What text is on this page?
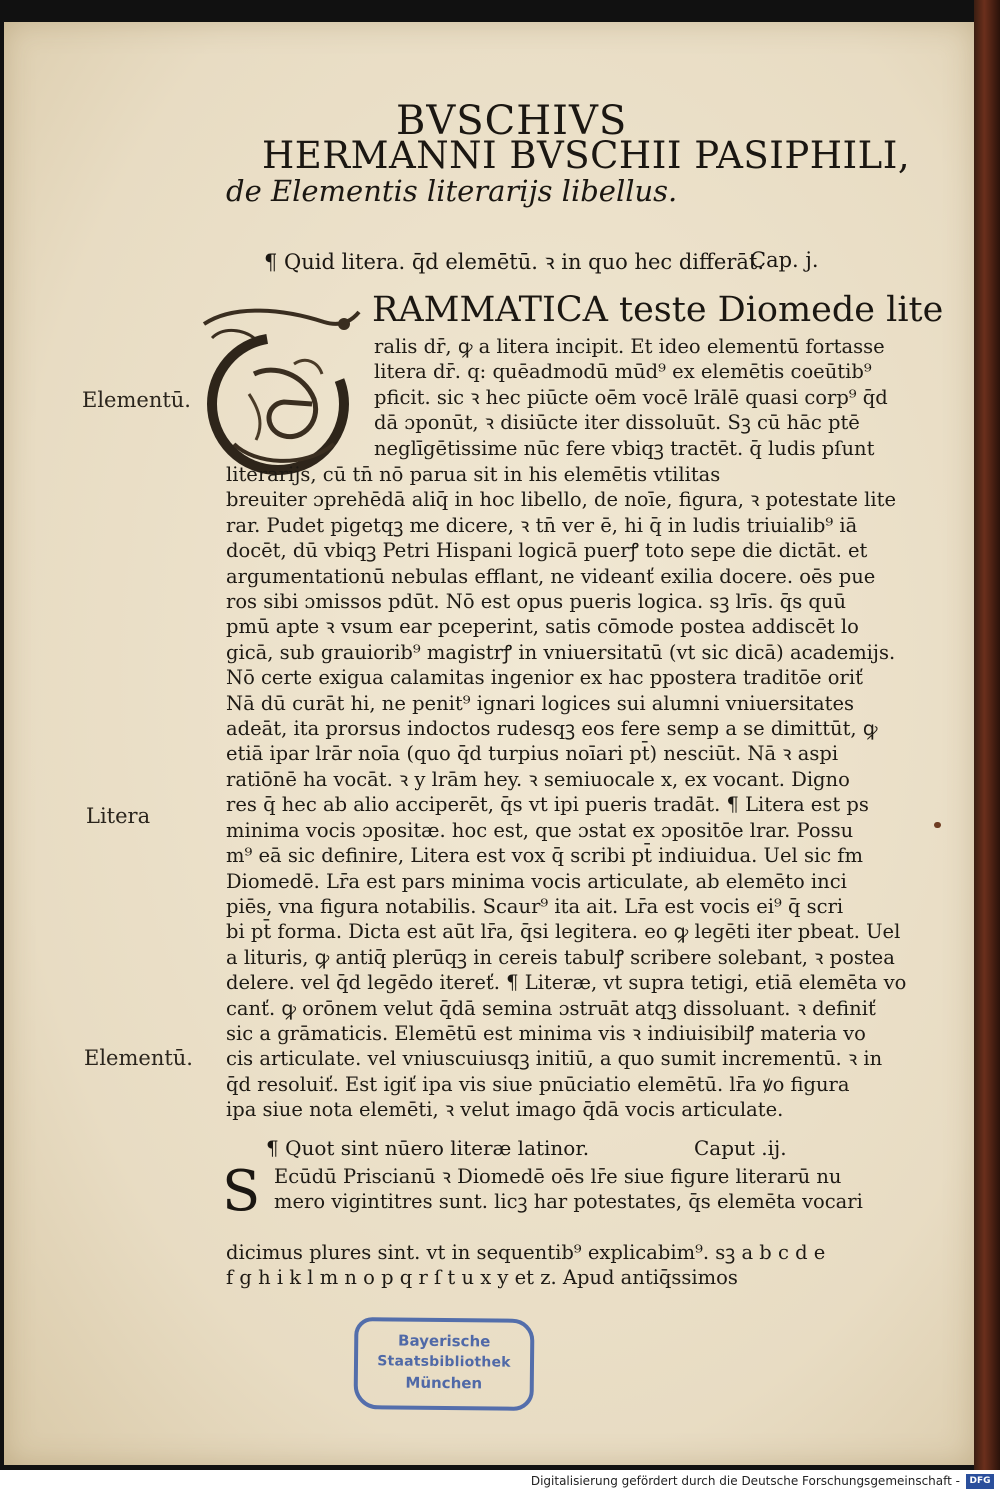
BVSCHIVS
HERMANNI BVSCHII PASIPHILI,
de Elementis literarijs libellus.
¶ Quid litera. q̄d elemētū. ꝛ in quo hec differāt.
Cap. j.
RAMMATICA teste Diomede lite
ralis dr̄, ꝙ a litera incipit. Et ideo elementū fortasse
litera dr̄. q: quēadmodū mūd⁹ ex elemētis coeūtib⁹
pficit. sic ꝛ hec piūcte oēm vocē lrālē quasi corp⁹ q̄d
dā ɔponūt, ꝛ disiūcte iter dissoluūt. Sꝫ cū hāc ptē
neglīgētissime nūc fere vbiqꝫ tractēt. q̄ ludis pſunt
literarijs, cū tn̄ nō parua sit in his elemētis vtilitas
breuiter ɔprehēdā aliq̄ in hoc libello, de noīe, figura, ꝛ potestate lite
rar. Pudet pigetqꝫ me dicere, ꝛ tn̄ ver ē, hi q̄ in ludis triuialib⁹ iā
docēt, dū vbiqꝫ Petri Hispani logicā puerꝭ toto sepe die dictāt. et
argumentationū nebulas efflant, ne videanť exilia docere. oēs pue
ros sibi ɔmissos pdūt. Nō est opus pueris logica. sꝫ lrīs. q̄s quū
pmū apte ꝛ vsum ear pceperint, satis cōmode postea addiscēt lo
gicā, sub grauiorib⁹ magistrꝭ in vniuersitatū (vt sic dicā) academijs.
Nō certe exigua calamitas ingenior ex hac ppostera traditōe oriť
Nā dū curāt hi, ne penit⁹ ignari logices sui alumni vniuersitates
adeāt, ita prorsus indoctos rudesqꝫ eos fere semp a se dimittūt, ꝙ
etiā ipar lrār noīa (quo q̄d turpius noīari pt̄) nesciūt. Nā ꝛ aspi
ratiōnē ha vocāt. ꝛ y lrām hey. ꝛ semiuocale x, ex vocant. Digno
res q̄ hec ab alio acciperēt, q̄s vt ipi pueris tradāt. ¶ Litera est ps
minima vocis ɔpositæ. hoc est, que ɔstat ex ɔpositōe lrar. Possu
m⁹ eā sic definire, Litera est vox q̄ scribi pt̄ indiuidua. Uel sic fm
Diomedē. Lr̄a est pars minima vocis articulate, ab elemēto inci
piēs, vna figura notabilis. Scaur⁹ ita ait. Lr̄a est vocis ei⁹ q̄ scri
bi pt̄ forma. Dicta est aūt lr̄a, q̄si legitera. eo ꝙ legēti iter pbeat. Uel
a lituris, ꝙ antiq̄ plerūqꝫ in cereis tabulꝭ scribere solebant, ꝛ postea
delere. vel q̄d legēdo itereť. ¶ Literæ, vt supra tetigi, etiā elemēta vo
canť. ꝙ orōnem velut q̄dā semina ɔstruāt atqꝫ dissoluant. ꝛ definiť
sic a grāmaticis. Elemētū est minima vis ꝛ indiuisibilꝭ materia vo
cis articulate. vel vniuscuiusqꝫ initiū, a quo sumit incrementū. ꝛ in
q̄d resoluiť. Est igiť ipa vis siue pnūciatio elemētū. lr̄a ꝟo figura
ipa siue nota elemēti, ꝛ velut imago q̄dā vocis articulate.
Elementū.
Litera
Elementū.
¶ Quot sint nūero literæ latinor.	Caput .ij.
S Ecūdū Priscianū ꝛ Diomedē oēs lr̄e siue figure literarū nu
mero vigintitres sunt. licꝫ har potestates, q̄s elemēta vocari
dicimus plures sint. vt in sequentib⁹ explicabim⁹. sꝫ a b c d e
f g h i k l m n o p q r ſ t u x y et z. Apud antiq̄ssimos
Bayerische
Staatsbibliothek
München
Digitalisierung gefördert durch die Deutsche Forschungsgemeinschaft -	DFG
